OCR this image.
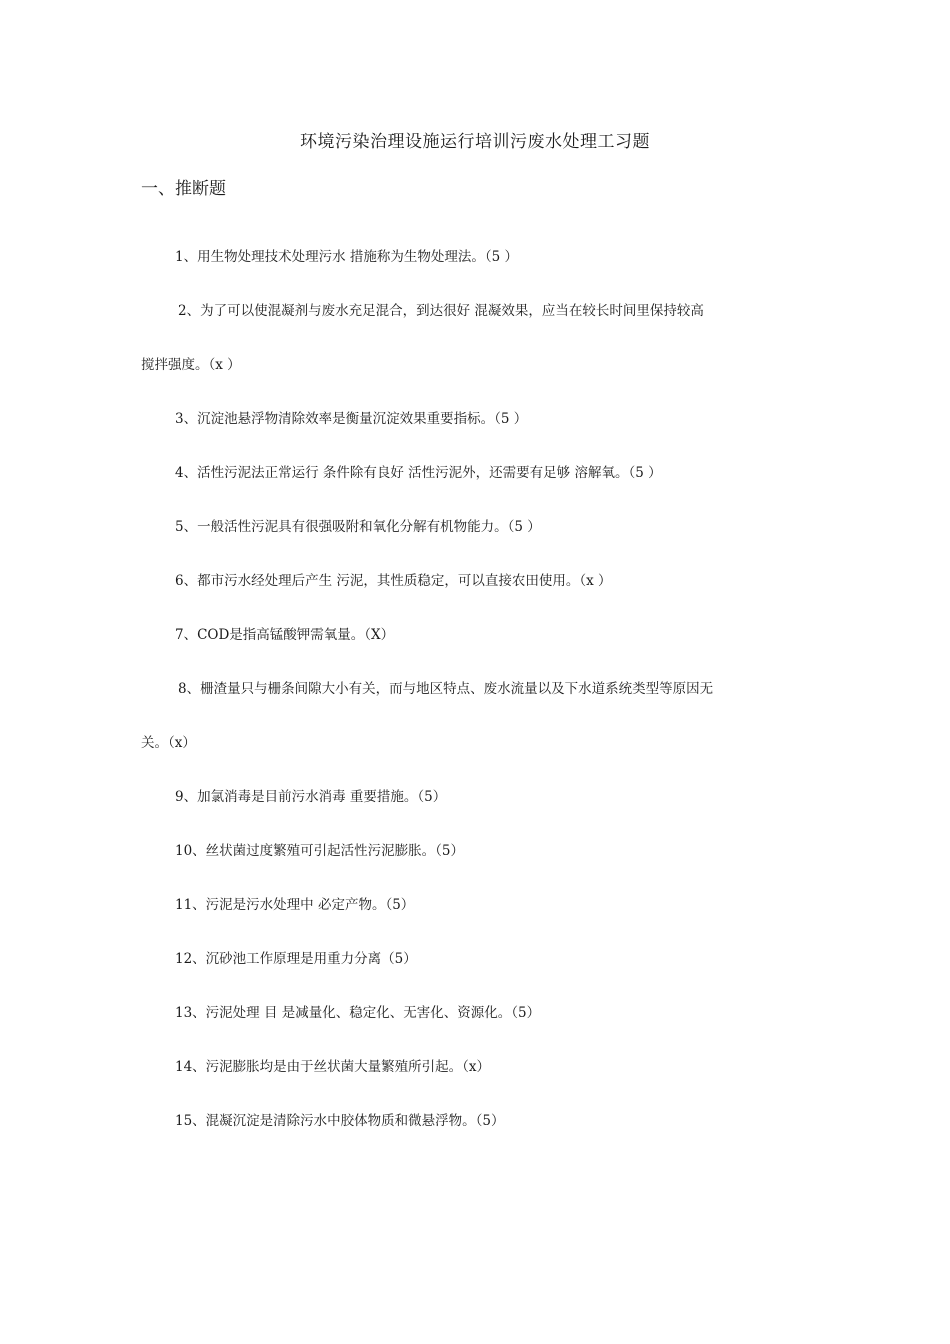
环境污染治理设施运行培训污废水处理工习题
一、推断题
1、用生物处理技术处理污水 措施称为生物处理法。（5 ）
2、为了可以使混凝剂与废水充足混合，到达很好 混凝效果，应当在较长时间里保持较高
搅拌强度。（x ）
3、沉淀池悬浮物清除效率是衡量沉淀效果重要指标。（5 ）
4、活性污泥法正常运行 条件除有良好 活性污泥外，还需要有足够 溶解氧。（5 ）
5、一般活性污泥具有很强吸附和氧化分解有机物能力。（5 ）
6、都市污水经处理后产生 污泥，其性质稳定，可以直接农田使用。（x ）
7、COD是指高锰酸钾需氧量。（X）
8、栅渣量只与栅条间隙大小有关，而与地区特点、废水流量以及下水道系统类型等原因无
关。（x）
9、加氯消毒是目前污水消毒 重要措施。（5）
10、丝状菌过度繁殖可引起活性污泥膨胀。（5）
11、污泥是污水处理中 必定产物。（5）
12、沉砂池工作原理是用重力分离（5）
13、污泥处理 目 是减量化、稳定化、无害化、资源化。（5）
14、污泥膨胀均是由于丝状菌大量繁殖所引起。（x）
15、混凝沉淀是清除污水中胶体物质和微悬浮物。（5）
